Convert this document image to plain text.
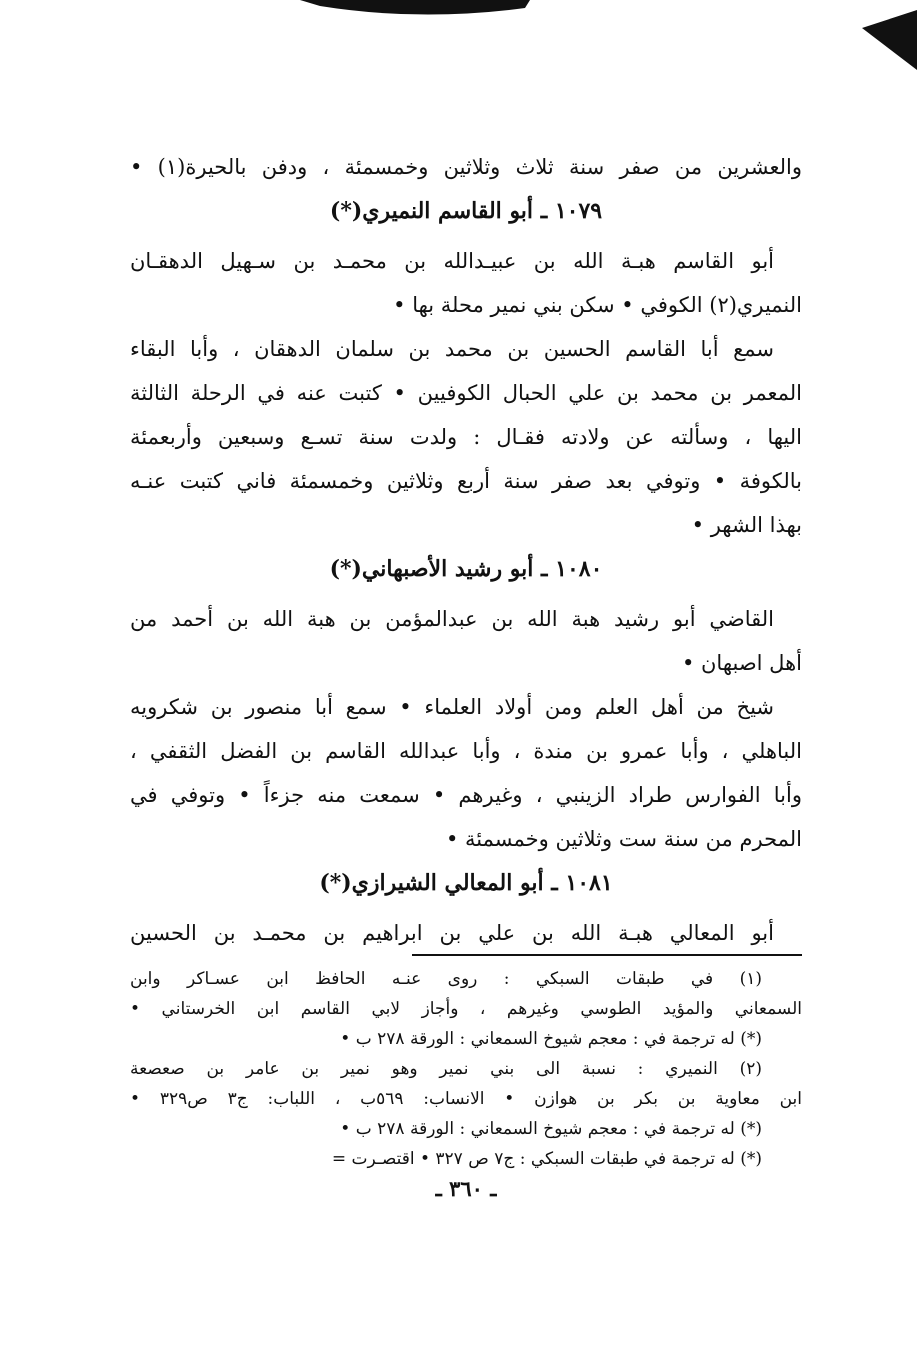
والعشرين من صفر سنة ثلاث وثلاثين وخمسمئة ، ودفن بالحيرة(١) •
١٠٧٩ ـ أبو القاسم النميري(*)
أبو القاسم هبـة الله بن عبيـدالله بن محمـد بن سـهيل الدهقـان
النميري(٢) الكوفي • سكن بني نمير محلة بها •
سمع أبا القاسم الحسين بن محمد بن سلمان الدهقان ، وأبا البقاء
المعمر بن محمد بن علي الحبال الكوفيين • كتبت عنه في الرحلة الثالثة
اليها ، وسألته عن ولادته فقـال : ولدت سنة تسـع وسبعين وأربعمئة
بالكوفة • وتوفي بعد صفر سنة أربع وثلاثين وخمسمئة فاني كتبت عنـه
بهذا الشهر •
١٠٨٠ ـ أبو رشيد الأصبهاني(*)
القاضي أبو رشيد هبة الله بن عبدالمؤمن بن هبة الله بن أحمد من
أهل اصبهان •
شيخ من أهل العلم ومن أولاد العلماء • سمع أبا منصور بن شكرويه
الباهلي ، وأبا عمرو بن مندة ، وأبا عبدالله القاسم بن الفضل الثقفي ،
وأبا الفوارس طراد الزينبي ، وغيرهم • سمعت منه جزءاً • وتوفي في
المحرم من سنة ست وثلاثين وخمسمئة •
١٠٨١ ـ أبو المعالي الشيرازي(*)
أبو المعالي هبـة الله بن علي بن ابراهيم بن محمـد بن الحسين
(١) في طبقات السبكي : روى عنـه الحافظ ابن عسـاكر وابن
السمعاني والمؤيد الطوسي وغيرهم ، وأجاز لابي القاسم ابن الخرستاني •
(*) له ترجمة في : معجم شيوخ السمعاني : الورقة ٢٧٨ ب •
(٢) النميري : نسبة الى بني نمير وهو نمير بن عامر بن صعصعة
ابن معاوية بن بكر بن هوازن • الانساب: ٥٦٩ب ، اللباب: ج٣ ص٣٢٩ •
(*) له ترجمة في : معجم شيوخ السمعاني : الورقة ٢٧٨ ب •
(*) له ترجمة في طبقات السبكي : ج٧ ص ٣٢٧ • اقتصـرت =
ـ ٣٦٠ ـ
